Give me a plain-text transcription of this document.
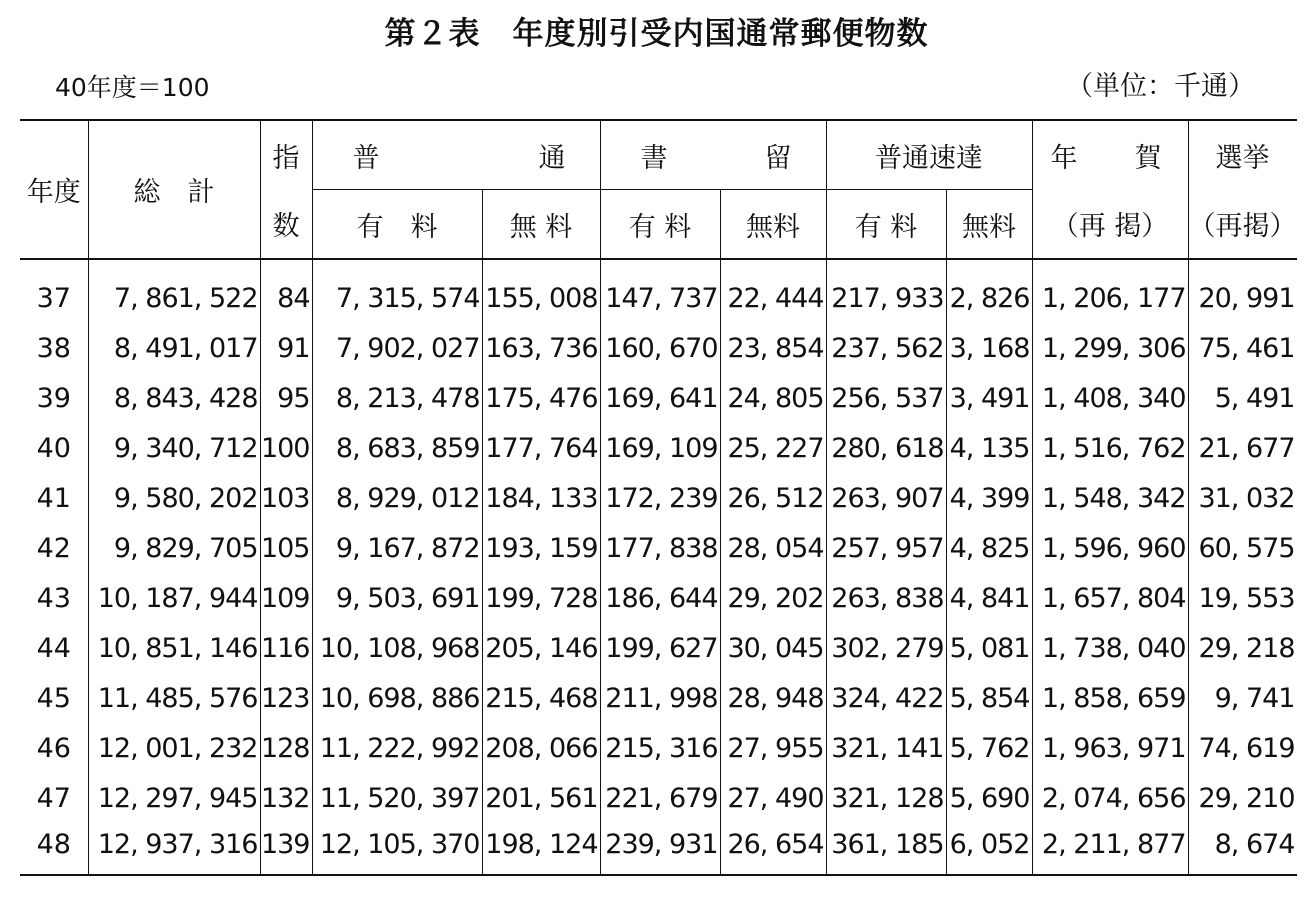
第２表　年度別引受内国通常郵便物数
40年度＝100	（単位：千通）
年度	総　計	指	普 通		書 留		普通速達		年 賀	選挙
		数	有　料	無 料	有 料	無料	有 料	無料	（再 掲）	（再掲）
37	7, 861, 522	84	7, 315, 574	155, 008	147, 737	22, 444	217, 933	2, 826	1, 206, 177	20, 991
38	8, 491, 017	91	7, 902, 027	163, 736	160, 670	23, 854	237, 562	3, 168	1, 299, 306	75, 461
39	8, 843, 428	95	8, 213, 478	175, 476	169, 641	24, 805	256, 537	3, 491	1, 408, 340	5, 491
40	9, 340, 712	100	8, 683, 859	177, 764	169, 109	25, 227	280, 618	4, 135	1, 516, 762	21, 677
41	9, 580, 202	103	8, 929, 012	184, 133	172, 239	26, 512	263, 907	4, 399	1, 548, 342	31, 032
42	9, 829, 705	105	9, 167, 872	193, 159	177, 838	28, 054	257, 957	4, 825	1, 596, 960	60, 575
43	10, 187, 944	109	9, 503, 691	199, 728	186, 644	29, 202	263, 838	4, 841	1, 657, 804	19, 553
44	10, 851, 146	116	10, 108, 968	205, 146	199, 627	30, 045	302, 279	5, 081	1, 738, 040	29, 218
45	11, 485, 576	123	10, 698, 886	215, 468	211, 998	28, 948	324, 422	5, 854	1, 858, 659	9, 741
46	12, 001, 232	128	11, 222, 992	208, 066	215, 316	27, 955	321, 141	5, 762	1, 963, 971	74, 619
47	12, 297, 945	132	11, 520, 397	201, 561	221, 679	27, 490	321, 128	5, 690	2, 074, 656	29, 210
48	12, 937, 316	139	12, 105, 370	198, 124	239, 931	26, 654	361, 185	6, 052	2, 211, 877	8, 674
